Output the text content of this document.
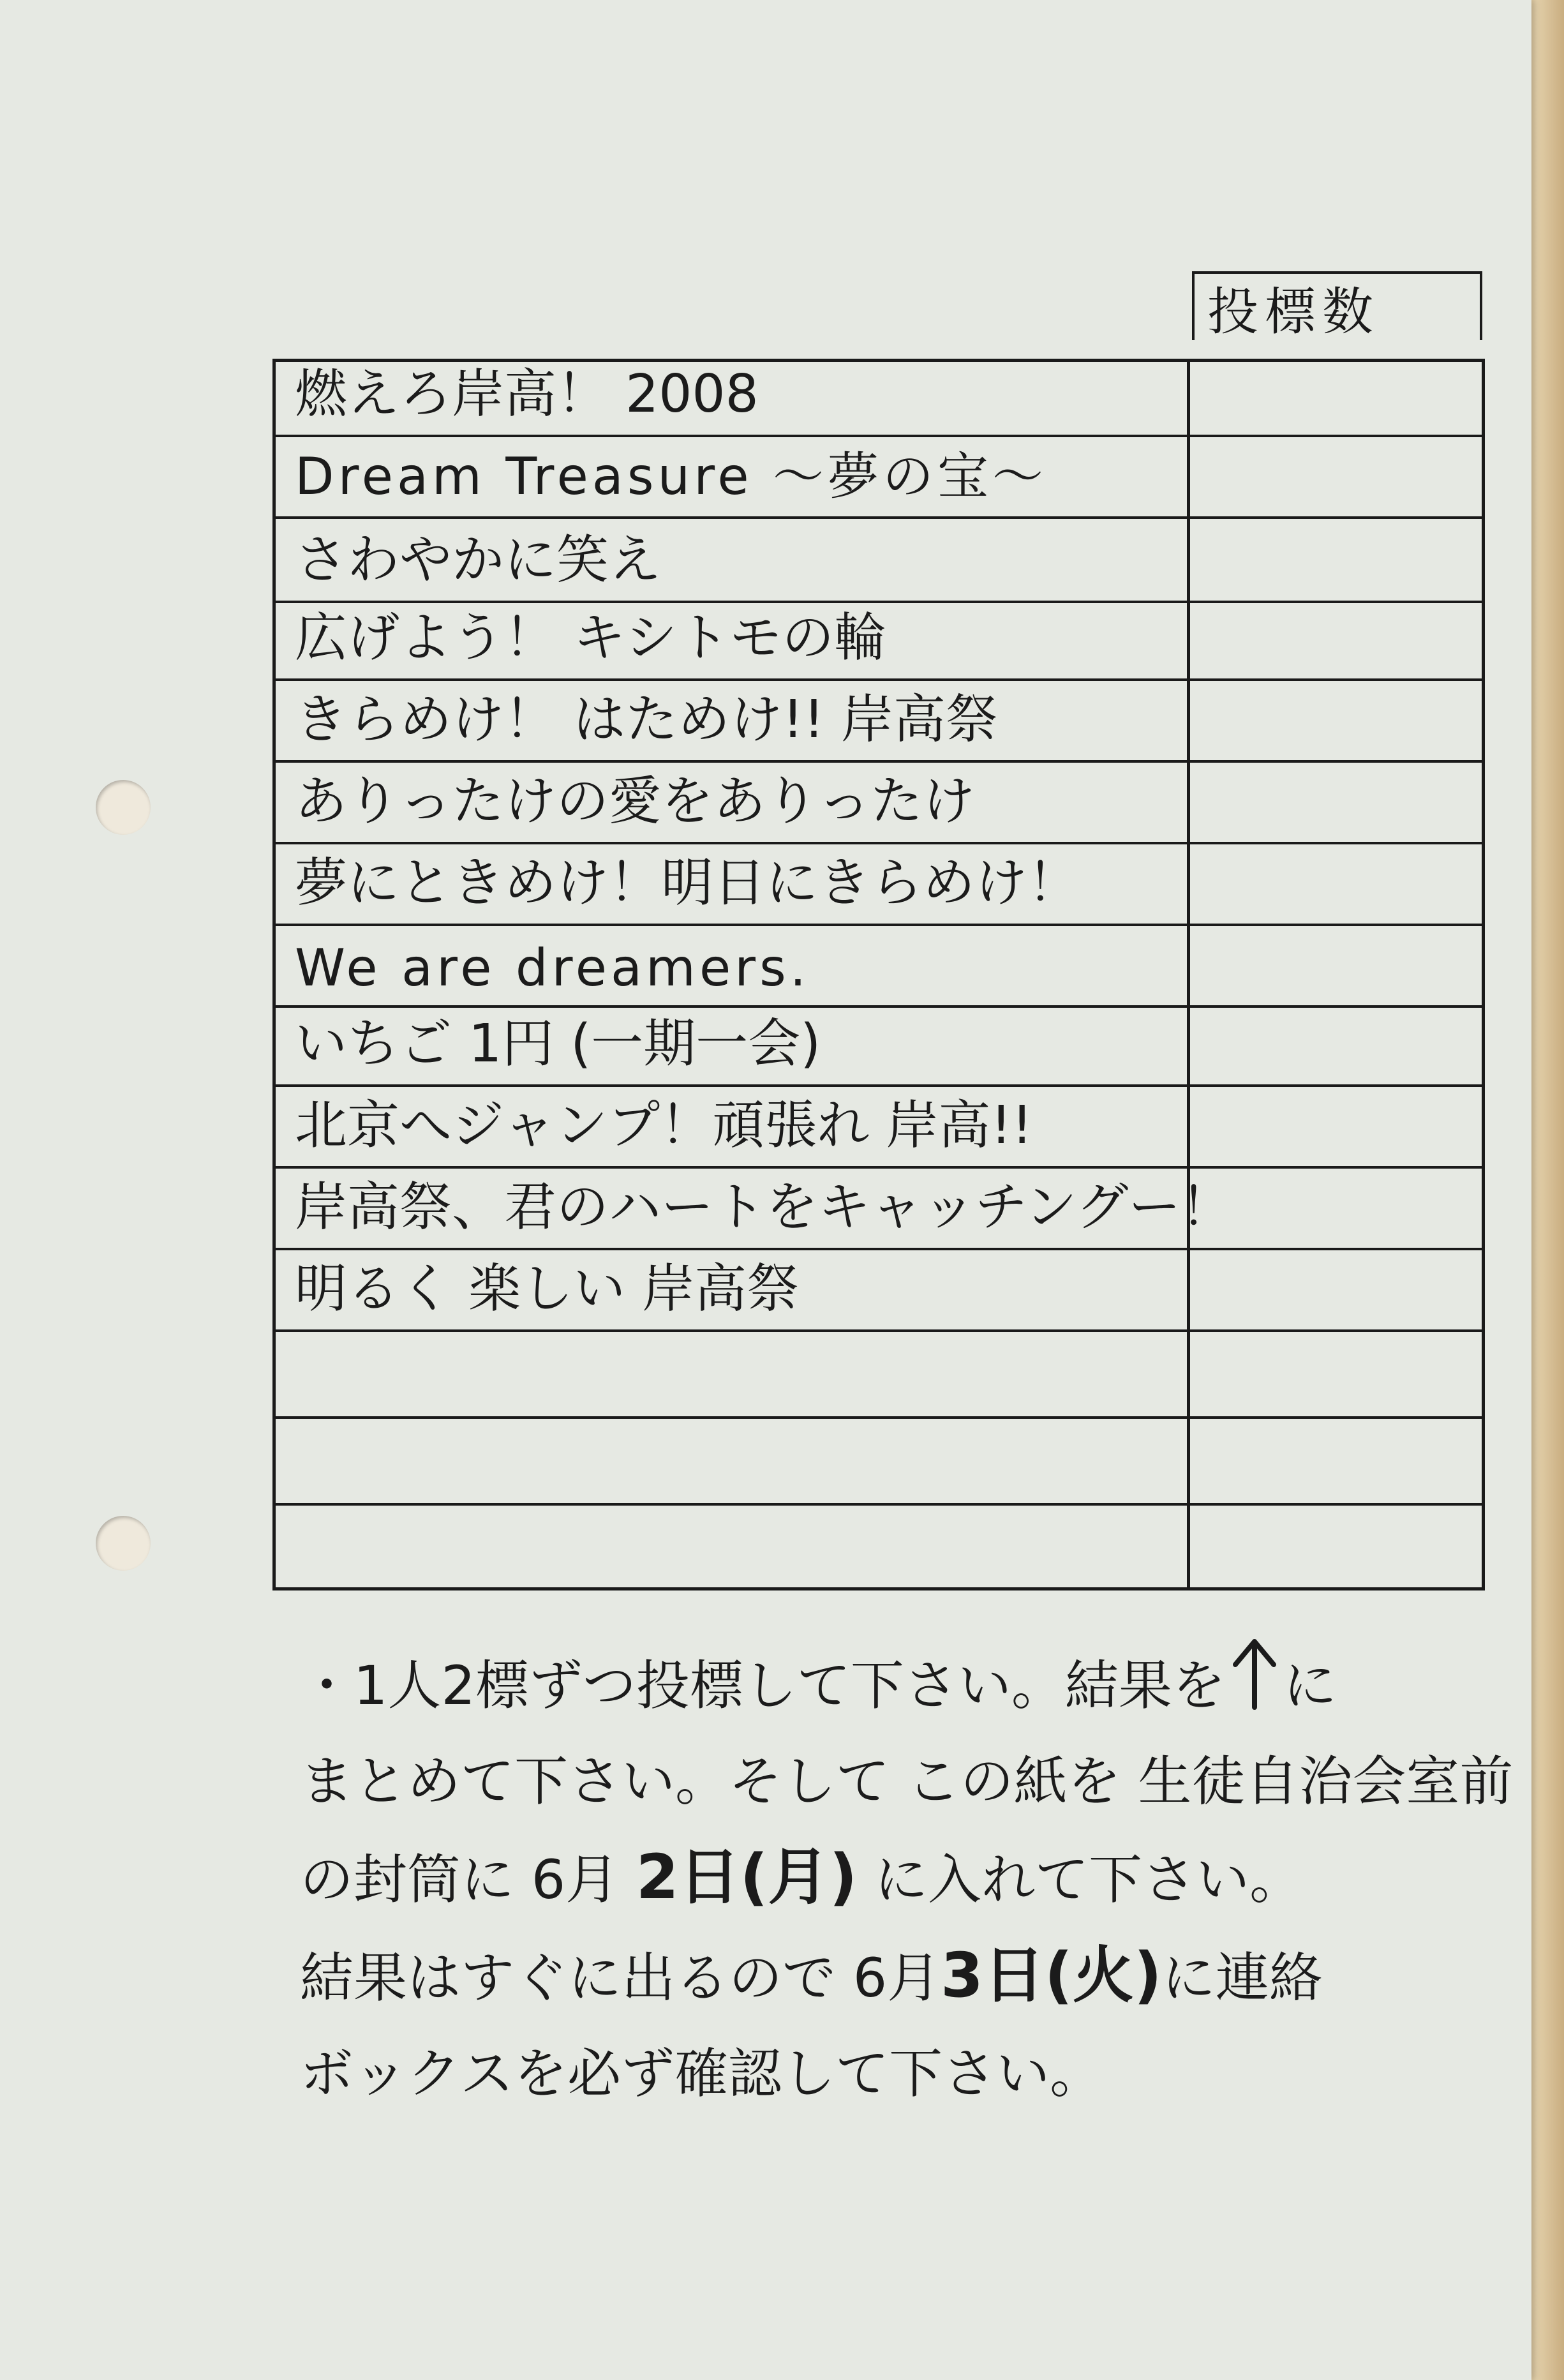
投標数
燃えろ岸高！ 2008
Dream Treasure ～夢の宝～
さわやかに笑え
広げよう！ キシトモの輪
きらめけ！ はためけ!! 岸高祭
ありったけの愛をありったけ
夢にときめけ！明日にきらめけ！
We are dreamers.
いちご 1円 (一期一会)
北京へジャンプ！頑張れ 岸高!!
岸高祭、君のハートをキャッチングー！
明るく 楽しい 岸高祭
・1人2標ずつ投標して下さい。結果を に
まとめて下さい。そして この紙を 生徒自治会室前
の封筒に 6月 2日(月) に入れて下さい。
結果はすぐに出るので 6月3日(火)に連絡
ボックスを必ず確認して下さい。
